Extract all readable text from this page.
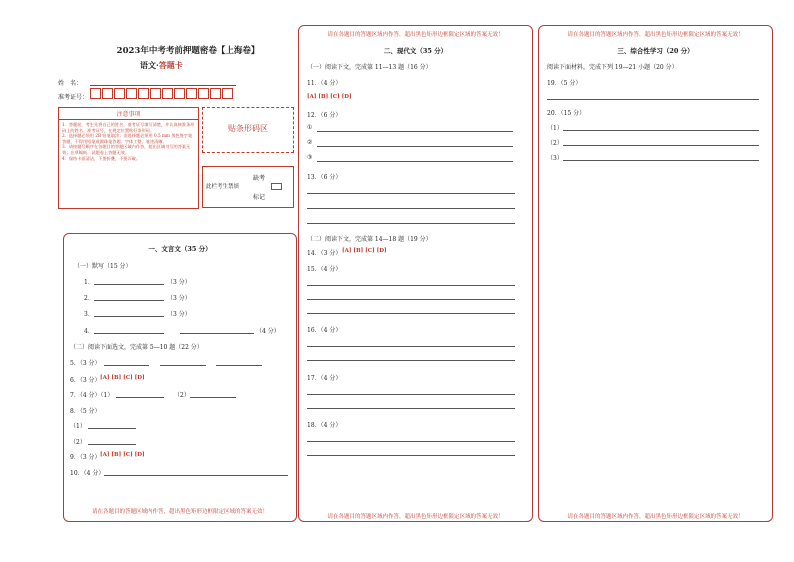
2023年中考考前押题密卷【上海卷】
语文·答题卡
姓　名：
准考证号：
注意事项
1．答题前，考生先将自己的姓名，准考证号填写清楚，并认真核准条形码上的姓名、准考证号，在规定位置贴好条形码。
2．选择题必须用 2B 铅笔填涂；非选择题必须用 0.5 mm 黑色签字笔答题，不得用铅笔或圆珠笔答题；字体工整、笔迹清晰。
3．请按题号顺序在各题目的答题区域内作答，超出区域书写的答案无效；在草稿纸、试题卷上答题无效。
4．保持卡面清洁，不要折叠，不要弄破。
贴条形码区
缺考
此栏考生禁填
标记
一、文言文（35 分）
（一）默写（15 分）
1．	（3 分）
2．	（3 分）
3．	（3 分）
4．	（4 分）
（二）阅读下面选文，完成第 5—10 题（22 分）
5．（3 分）
6．（3 分） [A] [B] [C] [D]
7．（4 分）（1）	（2）
8．（5 分）
（1）
（2）
9．（3 分） [A] [B] [C] [D]
10．（4 分）
请在各题目的答题区域内作答，超出黑色矩形边框限定区域的答案无效！
请在各题目的答题区域内作答，超出黑色矩形边框限定区域的答案无效！
二、现代文（35 分）
（一）阅读下文，完成第 11—13 题（16 分）
11．（4 分）
[A] [B] [C] [D]
12．（6 分）
①
②
③
13．（6 分）
（二）阅读下文，完成第 14—18 题（19 分）
14．（3 分） [A] [B] [C] [D]
15．（4 分）
16．（4 分）
17．（4 分）
18．（4 分）
请在各题目的答题区域内作答，超出黑色矩形边框限定区域的答案无效！
请在各题目的答题区域内作答，超出黑色矩形边框限定区域的答案无效！
三、综合性学习（20 分）
阅读下面材料，完成下列 19—21 小题（20 分）
19．（5 分）
20．（15 分）
（1）
（2）
（3）
请在各题目的答题区域内作答，超出黑色矩形边框限定区域的答案无效！
